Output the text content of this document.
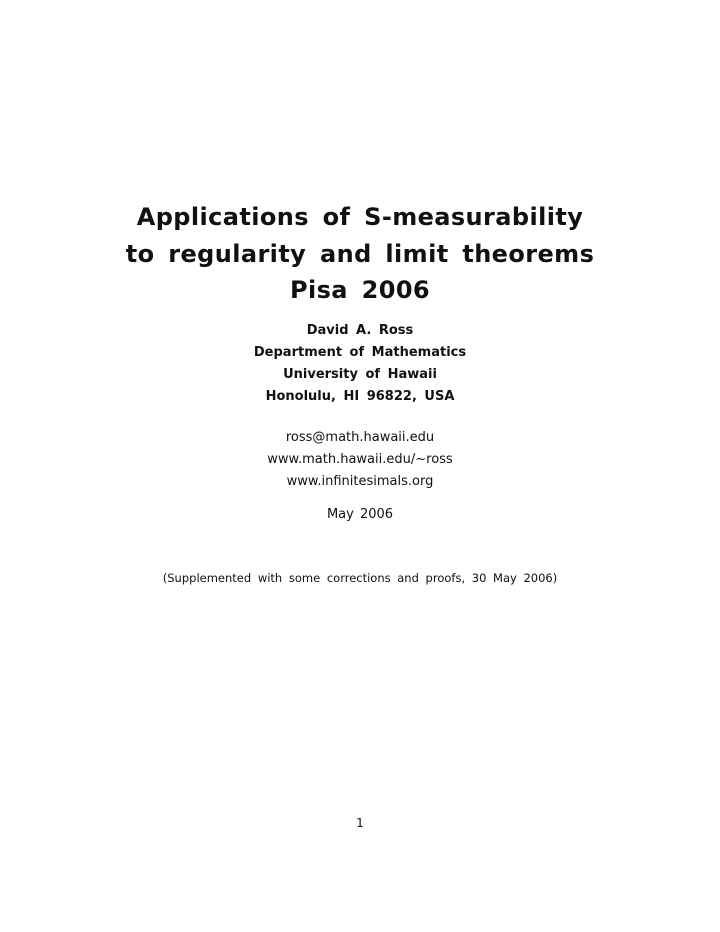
Applications of S-measurability
to regularity and limit theorems
Pisa 2006
David A. Ross
Department of Mathematics
University of Hawaii
Honolulu, HI 96822, USA
ross@math.hawaii.edu
www.math.hawaii.edu/~ross
www.infinitesimals.org
May 2006
(Supplemented with some corrections and proofs, 30 May 2006)
1
